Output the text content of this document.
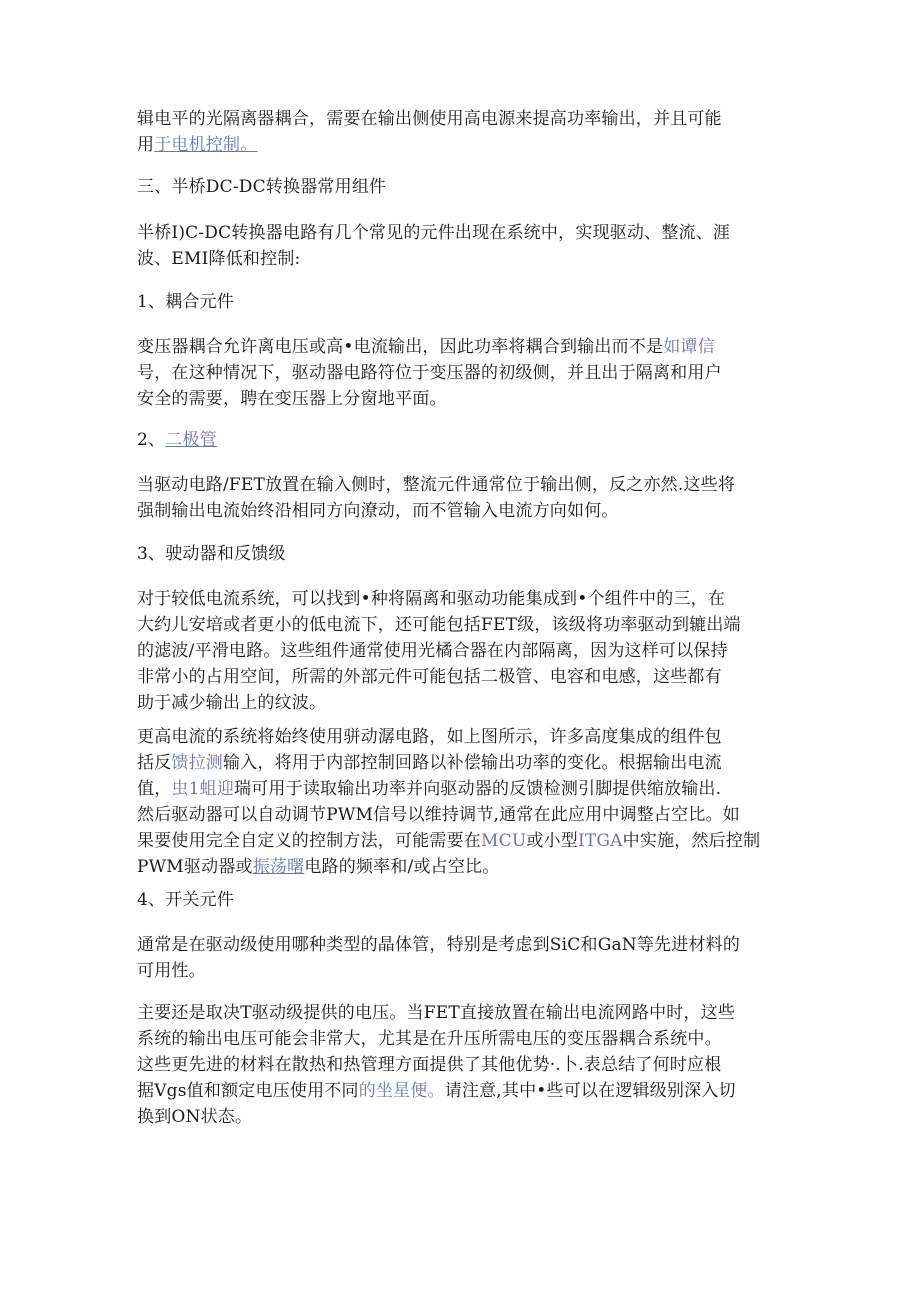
辑电平的光隔离器耦合，需要在输出侧使用高电源来提高功率输出，并且可能

用于电机控制。

三、半桥DC-DC转换器常用组件

半桥I)C-DC转换器电路有几个常见的元件出现在系统中，实现驱动、整流、涯

波、EMI降低和控制:

1、耦合元件

变压器耦合允许离电压或高•电流输出，因此功率将耦合到输出而不是如谭信

号，在这种情况下，驱动器电路符位于变压器的初级侧，并且出于隔离和用户

安全的需要，聘在变压器上分窗地平面。

2、二极管

当驱动电路/FET放置在输入侧时，整流元件通常位于输出侧，反之亦然.这些将

强制输出电流始终沿相同方向潦动，而不管输入电流方向如何。

3、驶动器和反馈级

对于较低电流系统，可以找到•种将隔离和驱动功能集成到•个组件中的三，在

大约儿安培或者更小的低电流下，还可能包括FET级，该级将功率驱动到辘出端

的滤波/平滑电路。这些组件通常使用光橘合器在内部隔离，因为这样可以保持

非常小的占用空间，所需的外部元件可能包括二极管、电容和电感，这些都有

助于减少输出上的纹波。

更高电流的系统将始终使用骈动潺电路，如上图所示，许多高度集成的组件包

括反馈拉测输入，将用于内部控制回路以补偿输出功率的变化。根据输出电流

值，虫1蛆迎瑞可用于读取输出功率并向驱动器的反馈检测引脚提供缩放输出.

然后驱动器可以自动调节PWM信号以维持调节,通常在此应用中调整占空比。如

果要使用完全自定义的控制方法，可能需要在MCU或小型ITGA中实施，然后控制

PWM驱动器或振荡曙电路的频率和/或占空比。

4、开关元件

通常是在驱动级使用哪种类型的晶体管，特别是考虑到SiC和GaN等先进材料的

可用性。

主要还是取决T驱动级提供的电压。当FET直接放置在输出电流网路中时，这些

系统的输出电压可能会非常大，尤其是在升压所需电压的变压器耦合系统中。

这些更先进的材料在散热和热管理方面提供了其他优势·.卜.表总结了何时应根

据Vgs值和额定电压使用不同的坐星便。请注意,其中•些可以在逻辑级别深入切

换到ON状态。
